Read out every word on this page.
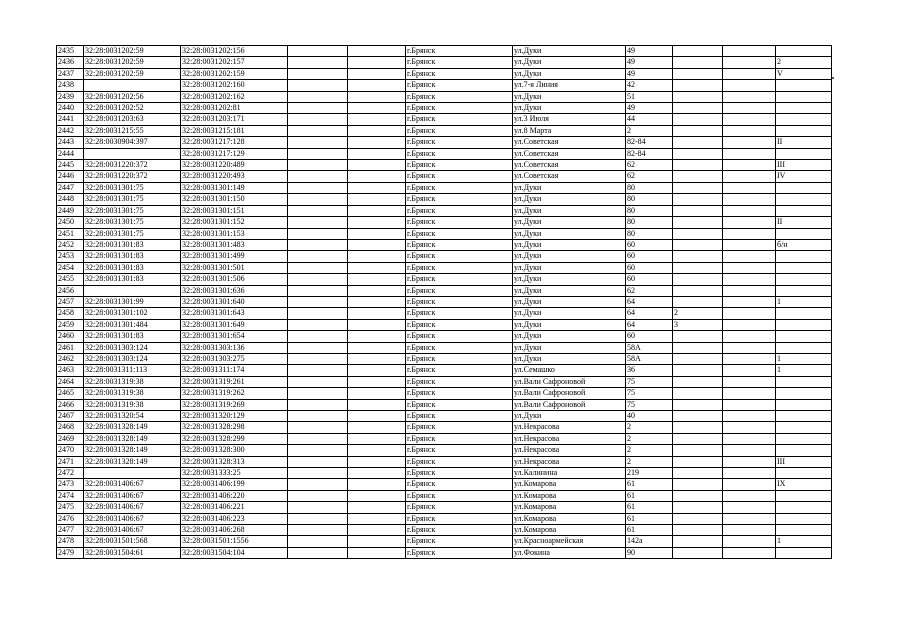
2435	32:28:0031202:59	32:28:0031202:156			г.Брянск	ул.Дуки	49			
2436	32:28:0031202:59	32:28:0031202:157			г.Брянск	ул.Дуки	49			2
2437	32:28:0031202:59	32:28:0031202:159			г.Брянск	ул.Дуки	49			V
2438		32:28:0031202:160			г.Брянск	ул.7-я Линия	42			
2439	32:28:0031202:56	32:28:0031202:162			г.Брянск	ул.Дуки	51			
2440	32:28:0031202:52	32:28:0031202:81			г.Брянск	ул.Дуки	49			
2441	32:28:0031203:63	32:28:0031203:171			г.Брянск	ул.3 Июля	44			
2442	32:28:0031215:55	32:28:0031215:181			г.Брянск	ул.8 Марта	2			
2443	32:28:0030904:397	32:28:0031217:128			г.Брянск	ул.Советская	82-84			II
2444		32:28:0031217:129			г.Брянск	ул.Советская	82-84			
2445	32:28:0031220:372	32:28:0031220:489			г.Брянск	ул.Советская	62			III
2446	32:28:0031220:372	32:28:0031220:493			г.Брянск	ул.Советская	62			IV
2447	32:28:0031301:75	32:28:0031301:149			г.Брянск	ул.Дуки	80			
2448	32:28:0031301:75	32:28:0031301:150			г.Брянск	ул.Дуки	80			
2449	32:28:0031301:75	32:28:0031301:151			г.Брянск	ул.Дуки	80			
2450	32:28:0031301:75	32:28:0031301:152			г.Брянск	ул.Дуки	80			II
2451	32:28:0031301:75	32:28:0031301:153			г.Брянск	ул.Дуки	80			
2452	32:28:0031301:83	32:28:0031301:483			г.Брянск	ул.Дуки	60			б/н
2453	32:28:0031301:83	32:28:0031301:499			г.Брянск	ул.Дуки	60			
2454	32:28:0031301:83	32:28:0031301:501			г.Брянск	ул.Дуки	60			
2455	32:28:0031301:83	32:28:0031301:506			г.Брянск	ул.Дуки	60			
2456		32:28:0031301:636			г.Брянск	ул.Дуки	62			
2457	32:28:0031301:99	32:28:0031301:640			г.Брянск	ул.Дуки	64			1
2458	32:28:0031301:102	32:28:0031301:643			г.Брянск	ул.Дуки	64	2		
2459	32:28:0031301:484	32:28:0031301:649			г.Брянск	ул.Дуки	64	3		
2460	32:28:0031301:83	32:28:0031301:654			г.Брянск	ул.Дуки	60			
2461	32:28:0031303:124	32:28:0031303:136			г.Брянск	ул.Дуки	58А			
2462	32:28:0031303:124	32:28:0031303:275			г.Брянск	ул.Дуки	58А			1
2463	32:28:0031311:113	32:28:0031311:174			г.Брянск	ул.Семашко	36			1
2464	32:28:0031319:38	32:28:0031319:261			г.Брянск	ул.Вали Сафроновой	75			
2465	32:28:0031319:38	32:28:0031319:262			г.Брянск	ул.Вали Сафроновой	75			
2466	32:28:0031319:38	32:28:0031319:269			г.Брянск	ул.Вали Сафроновой	75			
2467	32:28:0031320:54	32:28:0031320:129			г.Брянск	ул.Дуки	40			
2468	32:28:0031328:149	32:28:0031328:298			г.Брянск	ул.Некрасова	2			
2469	32:28:0031328:149	32:28:0031328:299			г.Брянск	ул.Некрасова	2			
2470	32:28:0031328:149	32:28:0031328:300			г.Брянск	ул.Некрасова	2			
2471	32:28:0031328:149	32:28:0031328:313			г.Брянск	ул.Некрасова	2			III
2472		32:28:0031333:25			г.Брянск	ул.Калинина	219			
2473	32:28:0031406:67	32:28:0031406:199			г.Брянск	ул.Комарова	61			IX
2474	32:28:0031406:67	32:28:0031406:220			г.Брянск	ул.Комарова	61			
2475	32:28:0031406:67	32:28:0031406:221			г.Брянск	ул.Комарова	61			
2476	32:28:0031406:67	32:28:0031406:223			г.Брянск	ул.Комарова	61			
2477	32:28:0031406:67	32:28:0031406:268			г.Брянск	ул.Комарова	61			
2478	32:28:0031501:568	32:28:0031501:1556			г.Брянск	ул.Красноармейская	142а			1
2479	32:28:0031504:61	32:28:0031504:104			г.Брянск	ул.Фокина	90			
